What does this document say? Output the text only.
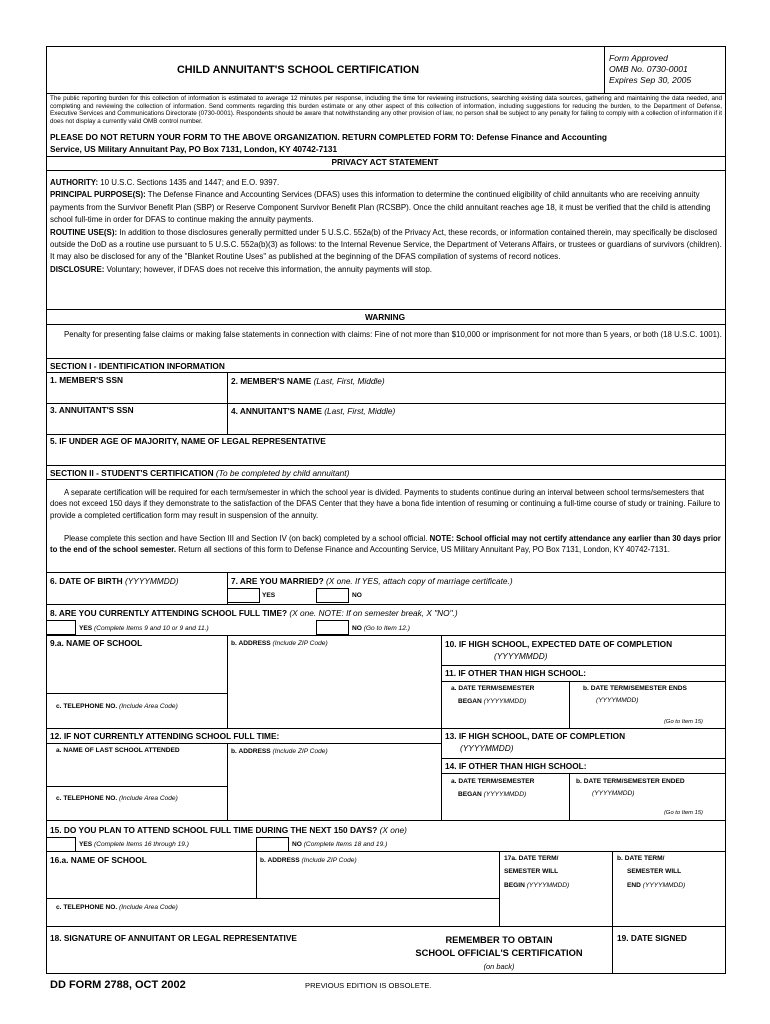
CHILD ANNUITANT'S SCHOOL CERTIFICATION
Form Approved
OMB No. 0730-0001
Expires Sep 30, 2005
The public reporting burden for this collection of information is estimated to average 12 minutes per response, including the time for reviewing instructions, searching existing data sources, gathering and maintaining the data needed, and completing and reviewing the collection of information. Send comments regarding this burden estimate or any other aspect of this collection of information, including suggestions for reducing the burden, to the Department of Defense, Executive Services and Communications Directorate (0730-0001). Respondents should be aware that notwithstanding any other provision of law, no person shall be subject to any penalty for failing to comply with a collection of information if it does not display a currently valid OMB control number.
PLEASE DO NOT RETURN YOUR FORM TO THE ABOVE ORGANIZATION. RETURN COMPLETED FORM TO: Defense Finance and Accounting
Service, US Military Annuitant Pay, PO Box 7131, London, KY 40742-7131
PRIVACY ACT STATEMENT
AUTHORITY: 10 U.S.C. Sections 1435 and 1447; and E.O. 9397.
PRINCIPAL PURPOSE(S): The Defense Finance and Accounting Services (DFAS) uses this information to determine the continued eligibility of child annuitants who are receiving annuity payments from the Survivor Benefit Plan (SBP) or Reserve Component Survivor Benefit Plan (RCSBP). Once the child annuitant reaches age 18, it must be verified that the child is attending school full-time in order for DFAS to continue making the annuity payments.
ROUTINE USE(S): In addition to those disclosures generally permitted under 5 U.S.C. 552a(b) of the Privacy Act, these records, or information contained therein, may specifically be disclosed outside the DoD as a routine use pursuant to 5 U.S.C. 552a(b)(3) as follows: to the Internal Revenue Service, the Department of Veterans Affairs, or trustees or guardians of survivors (children). It may also be disclosed for any of the "Blanket Routine Uses" as published at the beginning of the DFAS compilation of systems of record notices.
DISCLOSURE: Voluntary; however, if DFAS does not receive this information, the annuity payments will stop.
WARNING
Penalty for presenting false claims or making false statements in connection with claims: Fine of not more than $10,000 or imprisonment for not more than 5 years, or both (18 U.S.C. 1001).
SECTION I - IDENTIFICATION INFORMATION
1. MEMBER'S SSN	2. MEMBER'S NAME (Last, First, Middle)
3. ANNUITANT'S SSN	4. ANNUITANT'S NAME (Last, First, Middle)
5. IF UNDER AGE OF MAJORITY, NAME OF LEGAL REPRESENTATIVE
SECTION II - STUDENT'S CERTIFICATION (To be completed by child annuitant)
A separate certification will be required for each term/semester in which the school year is divided. Payments to students continue during an interval between school terms/semesters that does not exceed 150 days if they demonstrate to the satisfaction of the DFAS Center that they have a bona fide intention of resuming or continuing a full-time course of study or training. Failure to provide a completed certification form may result in suspension of the annuity.
Please complete this section and have Section III and Section IV (on back) completed by a school official. NOTE: School official may not certify attendance any earlier than 30 days prior to the end of the school semester. Return all sections of this form to Defense Finance and Accounting Service, US Military Annuitant Pay, PO Box 7131, London, KY 40742-7131.
6. DATE OF BIRTH (YYYYMMDD)	7. ARE YOU MARRIED? (X one. If YES, attach copy of marriage certificate.)
YES	NO
8. ARE YOU CURRENTLY ATTENDING SCHOOL FULL TIME? (X one. NOTE: If on semester break, X "NO".)
YES (Complete Items 9 and 10 or 9 and 11.)	NO (Go to Item 12.)
9.a. NAME OF SCHOOL	b. ADDRESS (Include ZIP Code)
c. TELEPHONE NO. (Include Area Code)
10. IF HIGH SCHOOL, EXPECTED DATE OF COMPLETION
(YYYYMMDD)
11. IF OTHER THAN HIGH SCHOOL:
a. DATE TERM/SEMESTER
BEGAN (YYYYMMDD)
b. DATE TERM/SEMESTER ENDS
(YYYYMMDD)
(Go to Item 15)
12. IF NOT CURRENTLY ATTENDING SCHOOL FULL TIME:
a. NAME OF LAST SCHOOL ATTENDED	b. ADDRESS (Include ZIP Code)
c. TELEPHONE NO. (Include Area Code)
13. IF HIGH SCHOOL, DATE OF COMPLETION
(YYYYMMDD)
14. IF OTHER THAN HIGH SCHOOL:
a. DATE TERM/SEMESTER
BEGAN (YYYYMMDD)
b. DATE TERM/SEMESTER ENDED
(YYYYMMDD)
(Go to Item 15)
15. DO YOU PLAN TO ATTEND SCHOOL FULL TIME DURING THE NEXT 150 DAYS? (X one)
YES (Complete Items 16 through 19.)	NO (Complete Items 18 and 19.)
16.a. NAME OF SCHOOL	b. ADDRESS (Include ZIP Code)	17a. DATE TERM/
SEMESTER WILL
BEGIN (YYYYMMDD)
b. DATE TERM/
SEMESTER WILL
END (YYYYMMDD)
c. TELEPHONE NO. (Include Area Code)
18. SIGNATURE OF ANNUITANT OR LEGAL REPRESENTATIVE	REMEMBER TO OBTAIN
SCHOOL OFFICIAL'S CERTIFICATION
(on back)
19. DATE SIGNED
DD FORM 2788, OCT 2002	PREVIOUS EDITION IS OBSOLETE.
